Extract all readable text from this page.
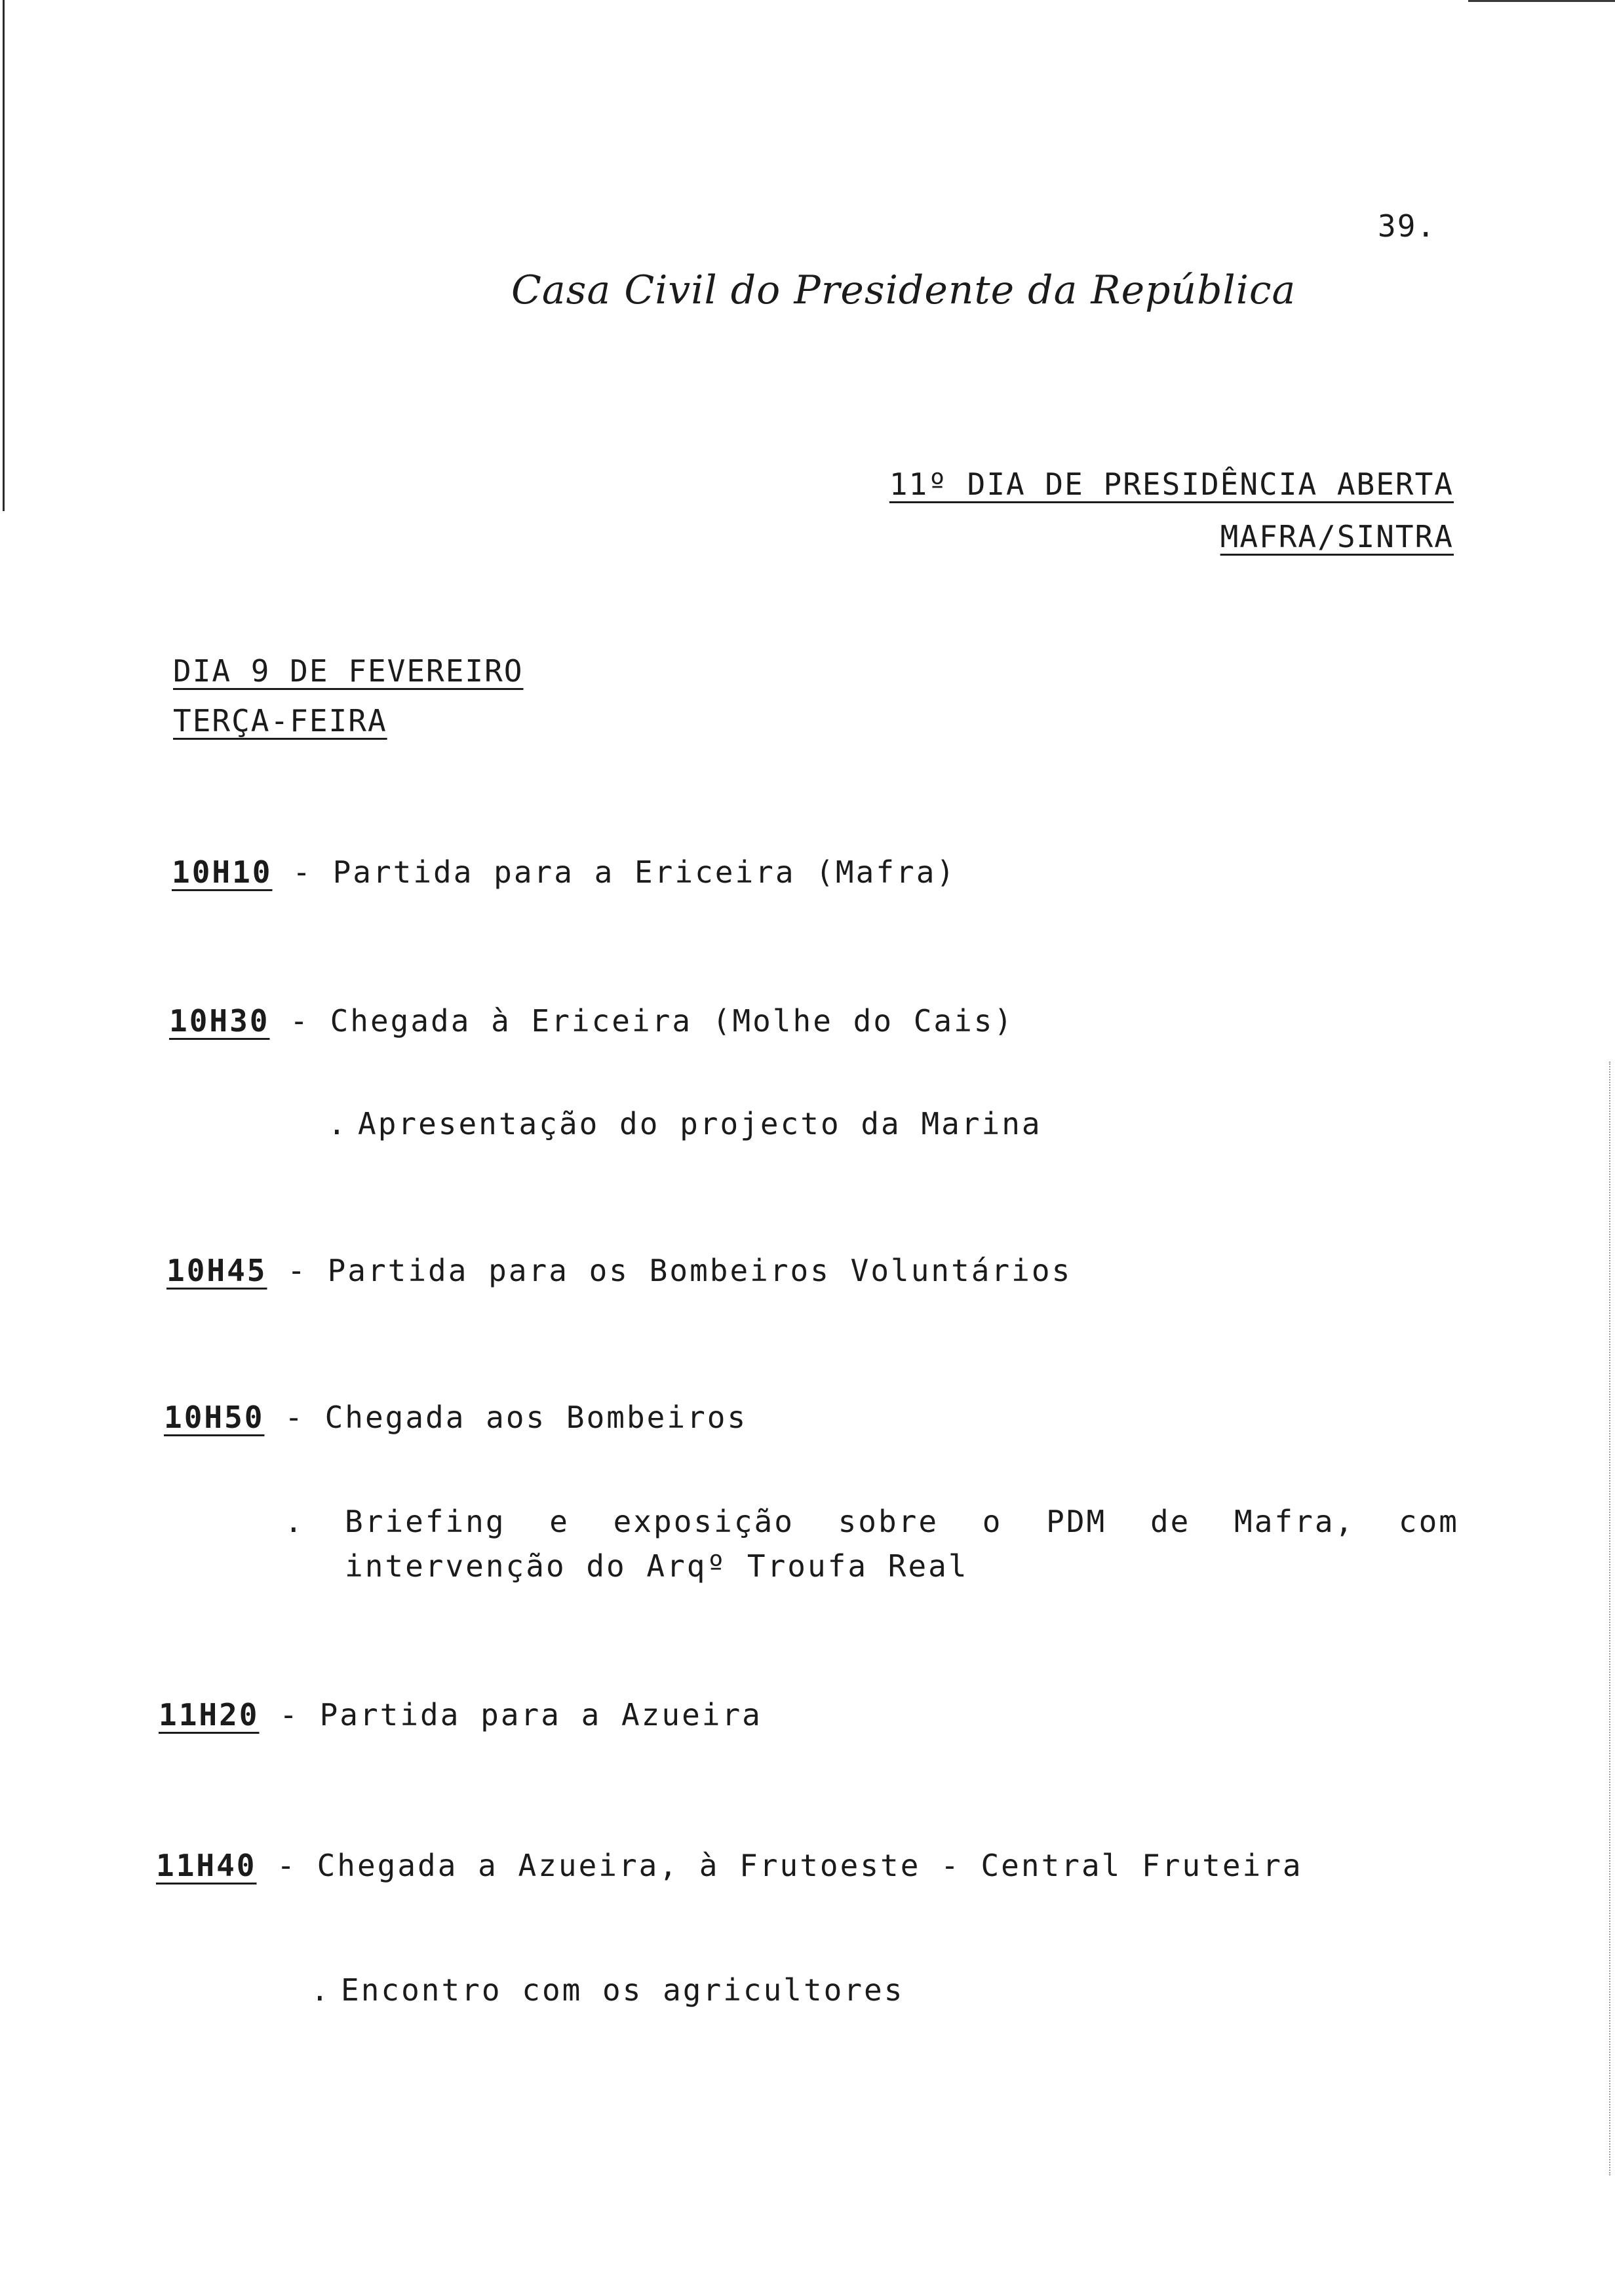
39.
Casa Civil do Presidente da República
11º DIA DE PRESIDÊNCIA ABERTA
MAFRA/SINTRA
DIA 9 DE FEVEREIRO
TERÇA-FEIRA
10H10 - Partida para a Ericeira (Mafra)
10H30 - Chegada à Ericeira (Molhe do Cais)
. Apresentação do projecto da Marina
10H45 - Partida para os Bombeiros Voluntários
10H50 - Chegada aos Bombeiros
. Briefing e exposição sobre o PDM de Mafra, com
intervenção do Arqº Troufa Real
11H20 - Partida para a Azueira
11H40 - Chegada a Azueira, à Frutoeste - Central Fruteira
. Encontro com os agricultores
